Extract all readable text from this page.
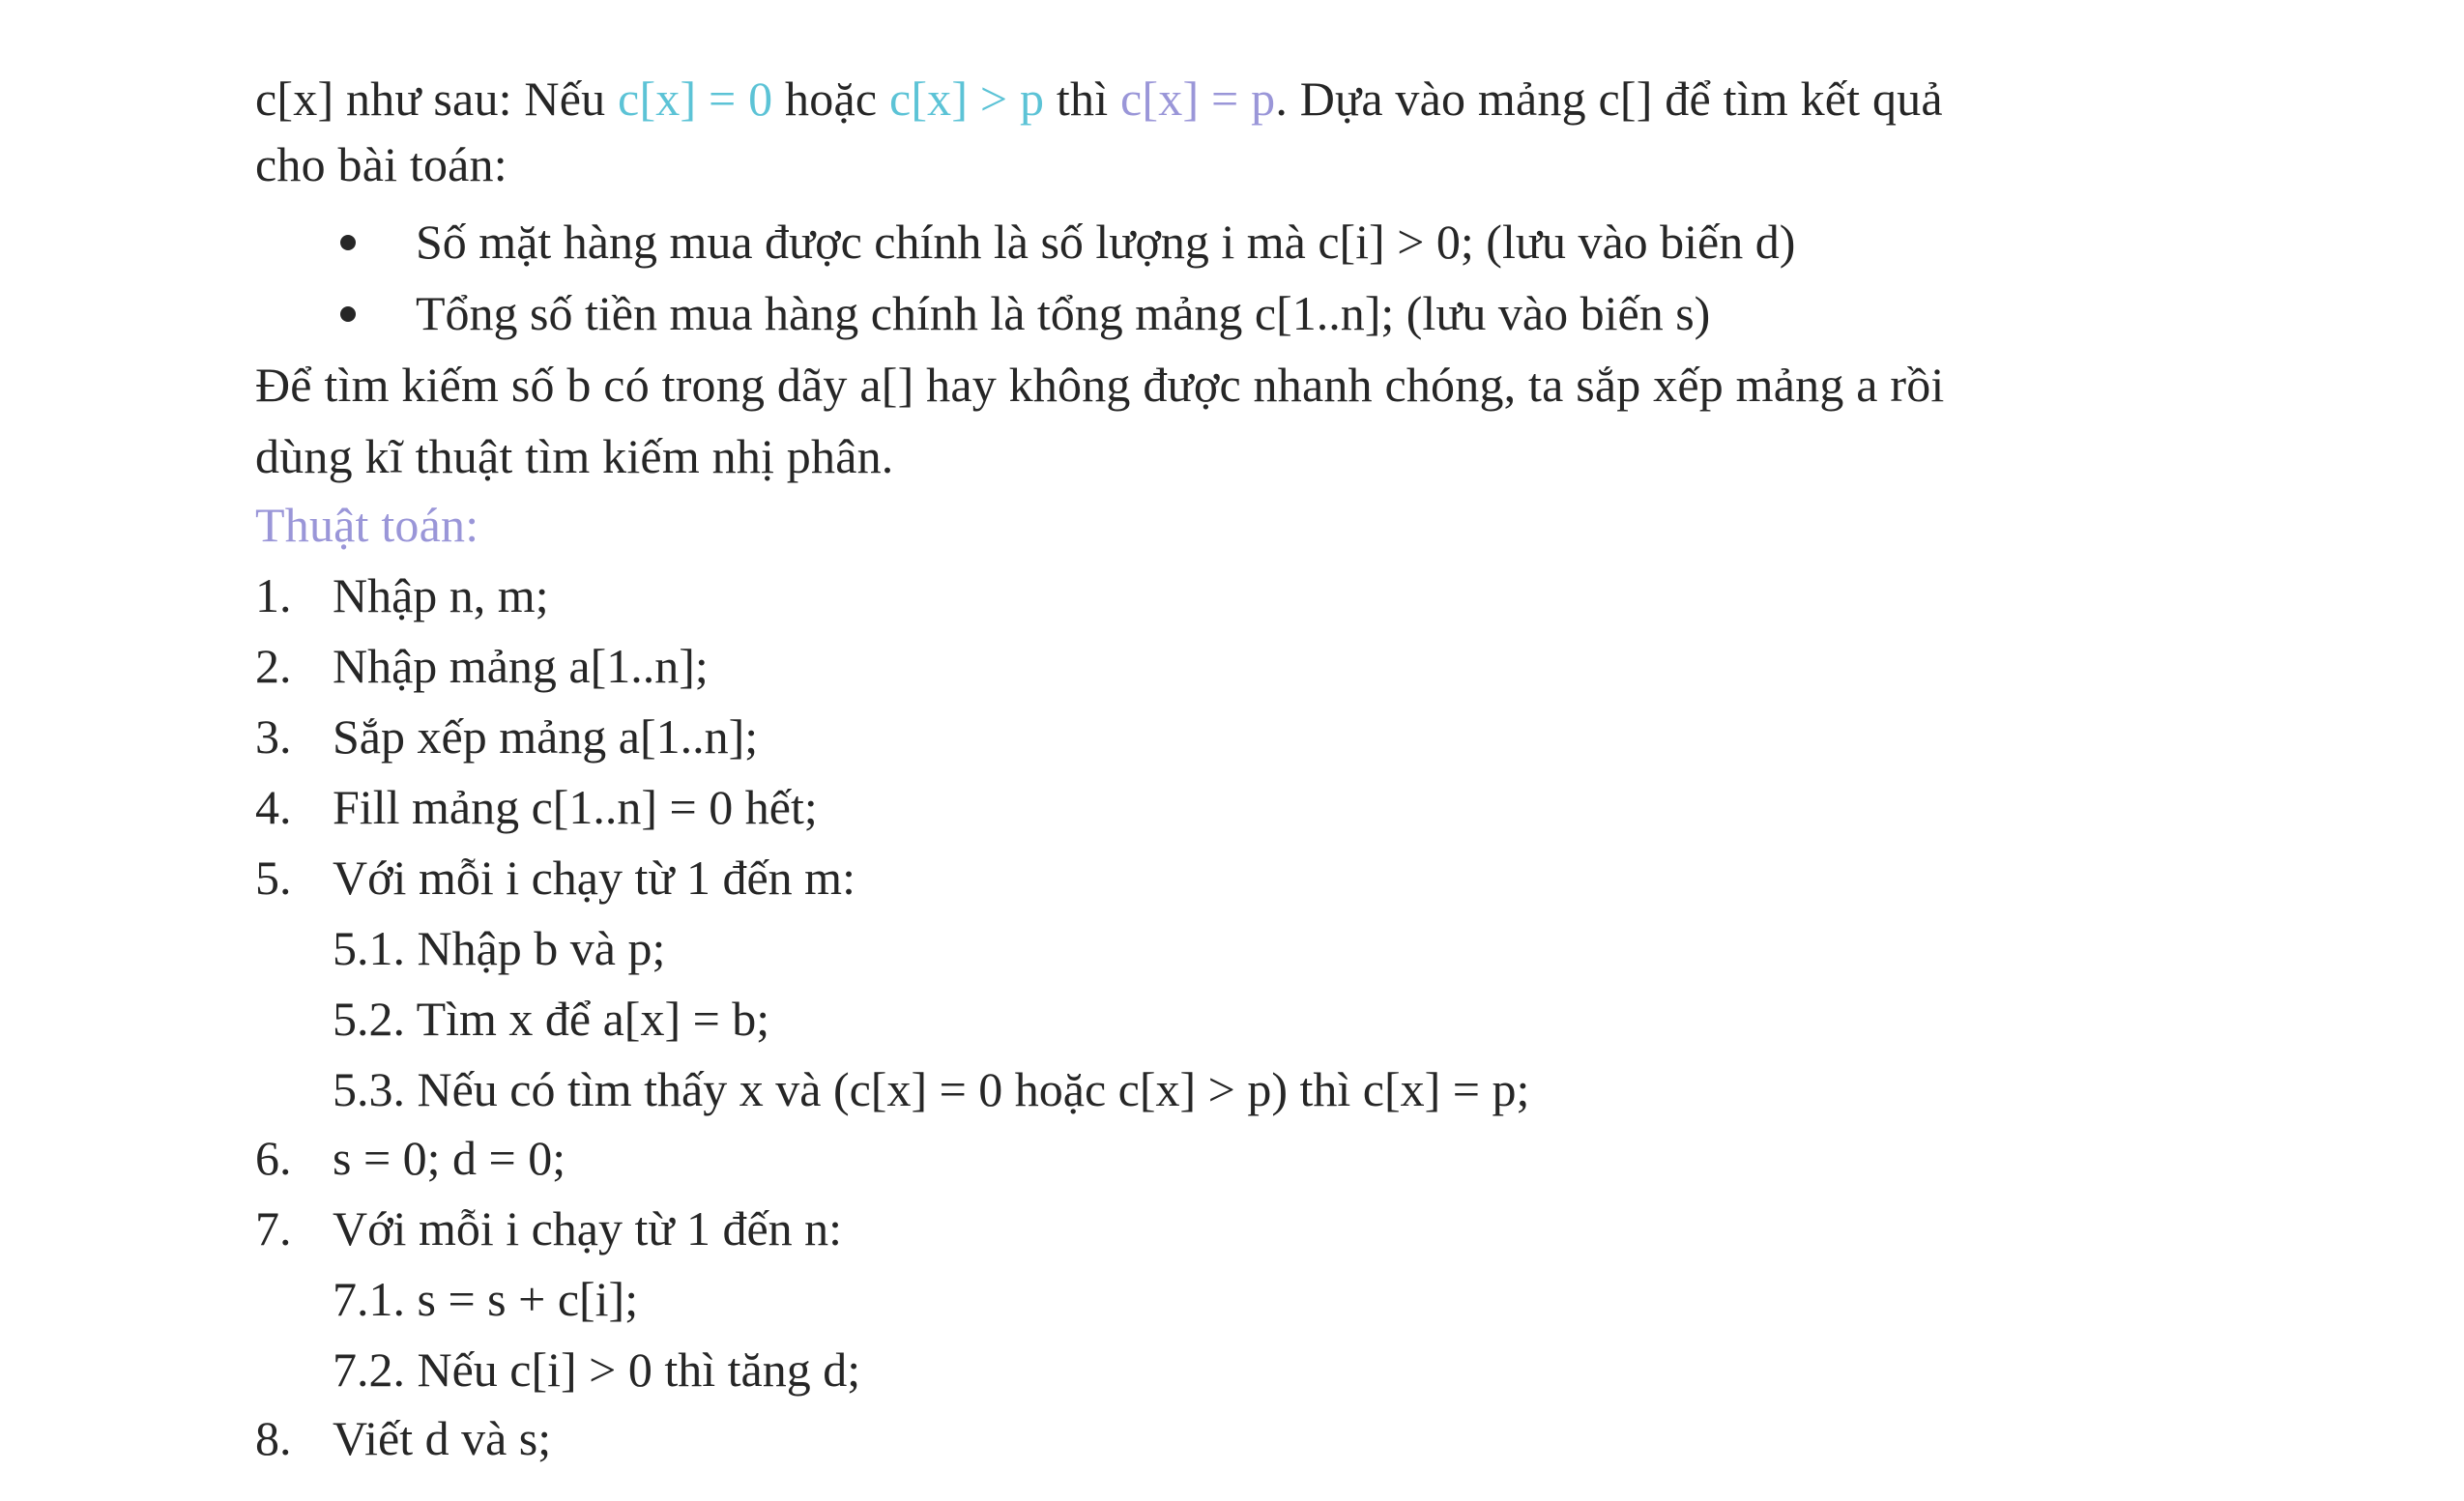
c[x] như sau: Nếu c[x] = 0 hoặc c[x] > p thì c[x] = p. Dựa vào mảng c[] để tìm kết quả
cho bài toán:
Số mặt hàng mua được chính là số lượng i mà c[i] > 0; (lưu vào biến d)
Tổng số tiền mua hàng chính là tổng mảng c[1..n]; (lưu vào biến s)
Để tìm kiếm số b có trong dãy a[] hay không được nhanh chóng, ta sắp xếp mảng a rồi
dùng kĩ thuật tìm kiếm nhị phân.
Thuật toán:
1. Nhập n, m;
2. Nhập mảng a[1..n];
3. Sắp xếp mảng a[1..n];
4. Fill mảng c[1..n] = 0 hết;
5. Với mỗi i chạy từ 1 đến m:
5.1. Nhập b và p;
5.2. Tìm x để a[x] = b;
5.3. Nếu có tìm thấy x và (c[x] = 0 hoặc c[x] > p) thì c[x] = p;
6. s = 0; d = 0;
7. Với mỗi i chạy từ 1 đến n:
7.1. s = s + c[i];
7.2. Nếu c[i] > 0 thì tăng d;
8. Viết d và s;
